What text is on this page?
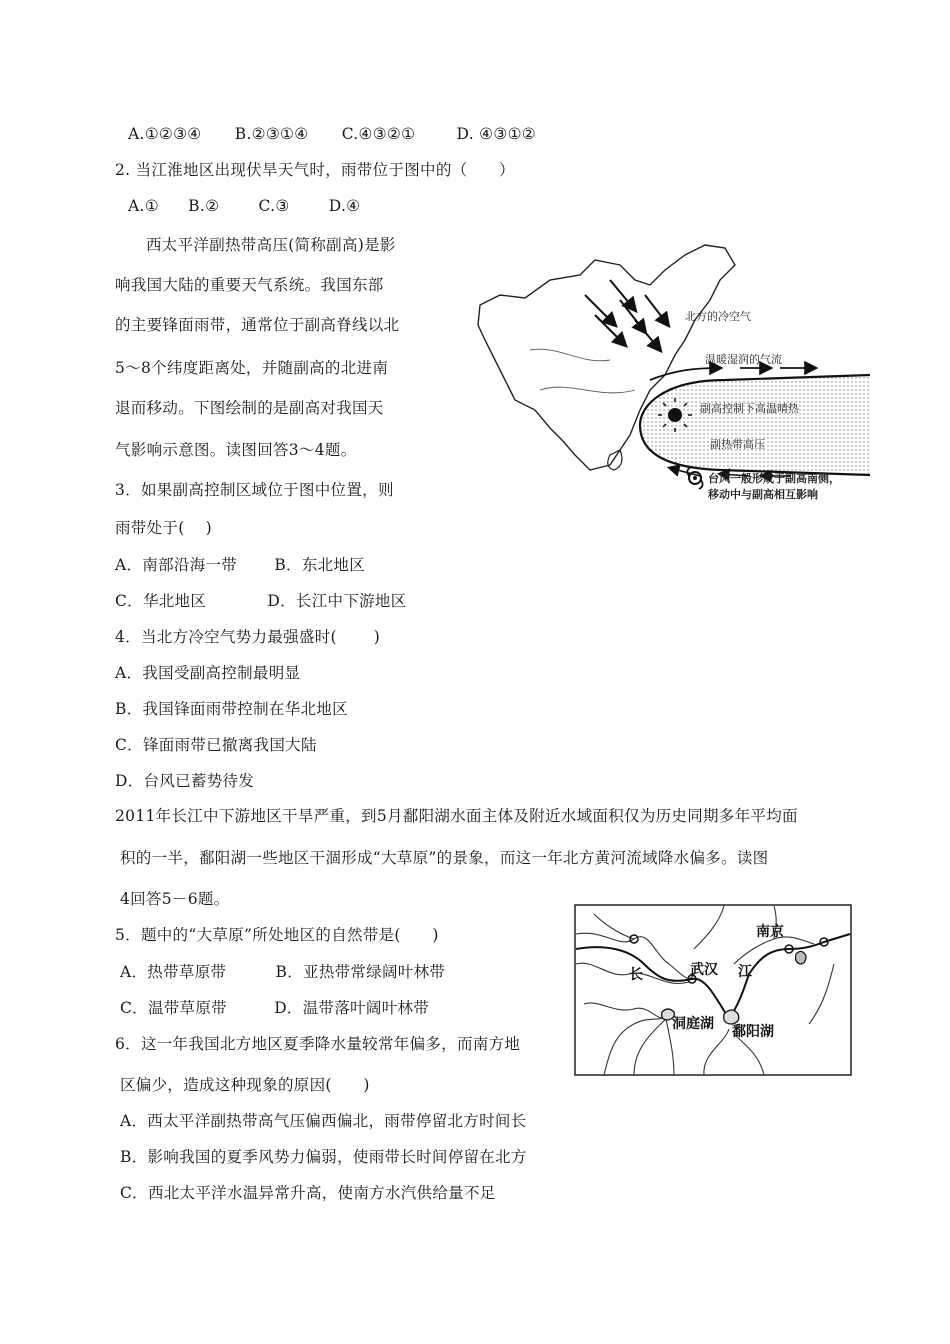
A.①②③④ B.②③①④ C.④③②①	D. ④③①②
2. 当江淮地区出现伏旱天气时，雨带位于图中的（　　）
A.① B.②	C.③	D.④
西太平洋副热带高压(简称副高)是影
响我国大陆的重要天气系统。我国东部
的主要锋面雨带，通常位于副高脊线以北
5～8个纬度距离处，并随副高的北进南
退而移动。下图绘制的是副高对我国天
气影响示意图。读图回答3～4题。
3．如果副高控制区域位于图中位置，则
雨带处于(　 )
A．南部沿海一带 B．东北地区
C．华北地区	D．长江中下游地区
4．当北方冷空气势力最强盛时(　　 )
A．我国受副高控制最明显
B．我国锋面雨带控制在华北地区
C．锋面雨带已撤离我国大陆
D．台风已蓄势待发
2011年长江中下游地区干旱严重，到5月鄱阳湖水面主体及附近水域面积仅为历史同期多年平均面
积的一半，鄱阳湖一些地区干涸形成“大草原”的景象，而这一年北方黄河流域降水偏多。读图
4回答5－6题。
5．题中的“大草原”所处地区的自然带是(　　)
A．热带草原带	B．亚热带常绿阔叶林带
C．温带草原带	D．温带落叶阔叶林带
6．这一年我国北方地区夏季降水量较常年偏多，而南方地
区偏少，造成这种现象的原因(　　)
A．西太平洋副热带高气压偏西偏北，雨带停留北方时间长
B．影响我国的夏季风势力偏弱，使雨带长时间停留在北方
C．西北太平洋水温异常升高，使南方水汽供给量不足
北方的冷空气
温暖湿润的气流
副高控制下高温晴热
副热带高压
台风一般形成于副高南侧，
移动中与副高相互影响
南京
武汉
长	江
洞庭湖 鄱阳湖
